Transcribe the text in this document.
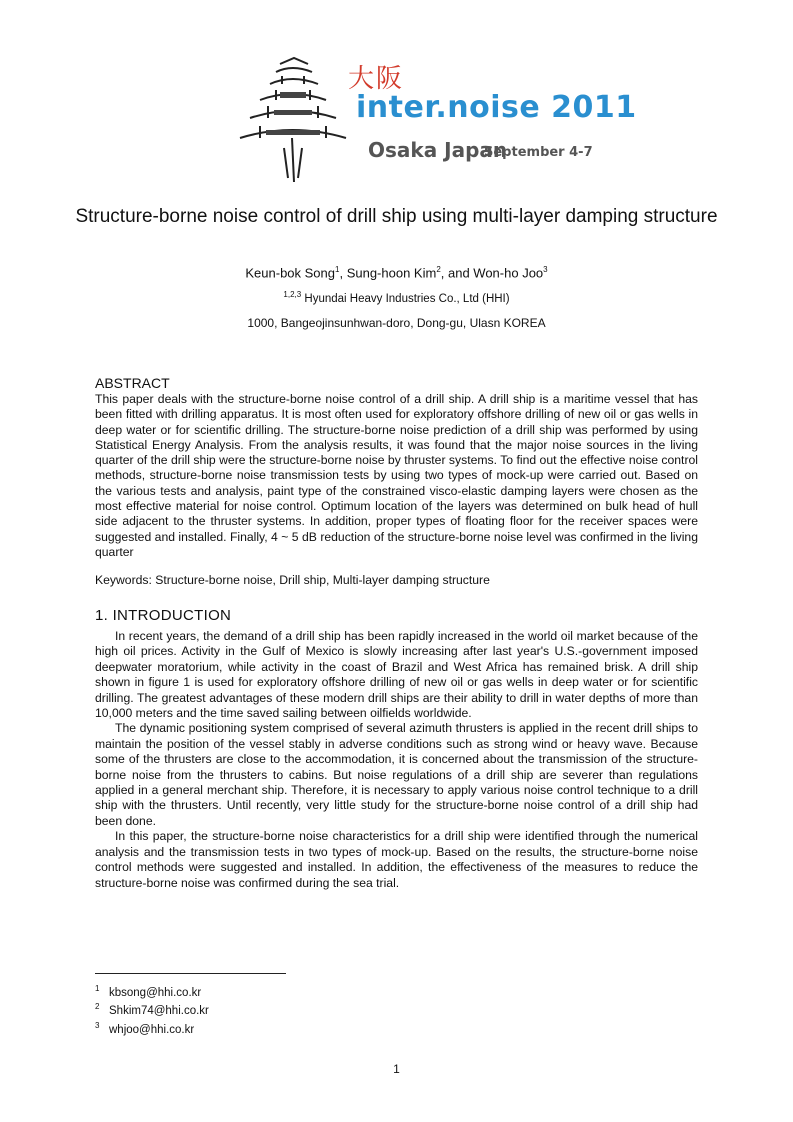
大阪
inter.noise 2011
Osaka Japan
September 4-7
Structure-borne noise control of drill ship using multi-layer damping structure
Keun-bok Song$^1$, Sung-hoon Kim$^2$, and Won-ho Joo$^3$
$^{1,2,3}$ Hyundai Heavy Industries Co., Ltd (HHI)
1000, Bangeojinsunhwan-doro, Dong-gu, Ulasn KOREA
ABSTRACT
This paper deals with the structure-borne noise control of a drill ship. A drill ship is a maritime vessel that has been fitted with drilling apparatus. It is most often used for exploratory offshore drilling of new oil or gas wells in deep water or for scientific drilling. The structure-borne noise prediction of a drill ship was performed by using Statistical Energy Analysis. From the analysis results, it was found that the major noise sources in the living quarter of the drill ship were the structure-borne noise by thruster systems. To find out the effective noise control methods, structure-borne noise transmission tests by using two types of mock-up were carried out. Based on the various tests and analysis, paint type of the constrained visco-elastic damping layers were chosen as the most effective material for noise control. Optimum location of the layers was determined on bulk head of hull side adjacent to the thruster systems. In addition, proper types of floating floor for the receiver spaces were suggested and installed. Finally, 4 ~ 5 dB reduction of the structure-borne noise level was confirmed in the living quarter
Keywords: Structure-borne noise, Drill ship, Multi-layer damping structure
1. INTRODUCTION

In recent years, the demand of a drill ship has been rapidly increased in the world oil market because of the high oil prices. Activity in the Gulf of Mexico is slowly increasing after last year's U.S.-government imposed deepwater moratorium, while activity in the coast of Brazil and West Africa has remained brisk. A drill ship shown in figure 1 is used for exploratory offshore drilling of new oil or gas wells in deep water or for scientific drilling. The greatest advantages of these modern drill ships are their ability to drill in water depths of more than 10,000 meters and the time saved sailing between oilfields worldwide.

The dynamic positioning system comprised of several azimuth thrusters is applied in the recent drill ships to maintain the position of the vessel stably in adverse conditions such as strong wind or heavy wave. Because some of the thrusters are close to the accommodation, it is concerned about the transmission of the structure-borne noise from the thrusters to cabins. But noise regulations of a drill ship are severer than regulations applied in a general merchant ship. Therefore, it is necessary to apply various noise control technique to a drill ship with the thrusters. Until recently, very little study for the structure-borne noise control of a drill ship had been done.

In this paper, the structure-borne noise characteristics for a drill ship were identified through the numerical analysis and the transmission tests in two types of mock-up. Based on the results, the structure-borne noise control methods were suggested and installed. In addition, the effectiveness of the measures to reduce the structure-borne noise was confirmed during the sea trial.

$^1$ kbsong@hhi.co.kr
$^2$ Shkim74@hhi.co.kr
$^3$ whjoo@hhi.co.kr
1
